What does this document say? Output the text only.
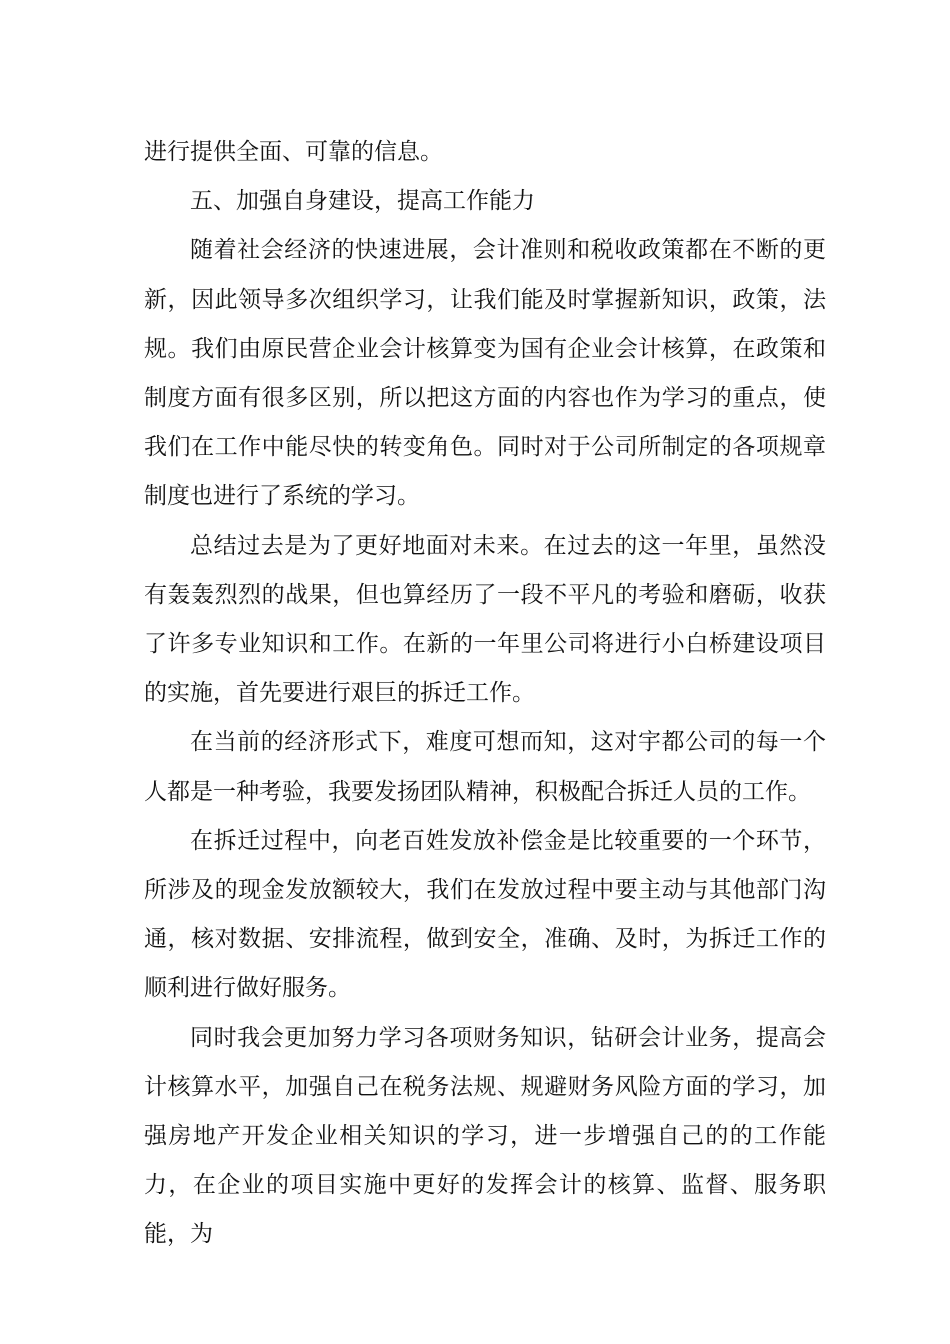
进行提供全面、可靠的信息。

五、加强自身建设，提高工作能力

随着社会经济的快速进展，会计准则和税收政策都在不断的更新，因此领导多次组织学习，让我们能及时掌握新知识，政策，法规。我们由原民营企业会计核算变为国有企业会计核算，在政策和制度方面有很多区别，所以把这方面的内容也作为学习的重点，使我们在工作中能尽快的转变角色。同时对于公司所制定的各项规章制度也进行了系统的学习。

总结过去是为了更好地面对未来。在过去的这一年里，虽然没有轰轰烈烈的战果，但也算经历了一段不平凡的考验和磨砺，收获了许多专业知识和工作。在新的一年里公司将进行小白桥建设项目的实施，首先要进行艰巨的拆迁工作。

在当前的经济形式下，难度可想而知，这对宇都公司的每一个人都是一种考验，我要发扬团队精神，积极配合拆迁人员的工作。

在拆迁过程中，向老百姓发放补偿金是比较重要的一个环节，所涉及的现金发放额较大，我们在发放过程中要主动与其他部门沟通，核对数据、安排流程，做到安全，准确、及时，为拆迁工作的顺利进行做好服务。

同时我会更加努力学习各项财务知识，钻研会计业务，提高会计核算水平，加强自己在税务法规、规避财务风险方面的学习，加强房地产开发企业相关知识的学习，进一步增强自己的的工作能力，在企业的项目实施中更好的发挥会计的核算、监督、服务职能，为
